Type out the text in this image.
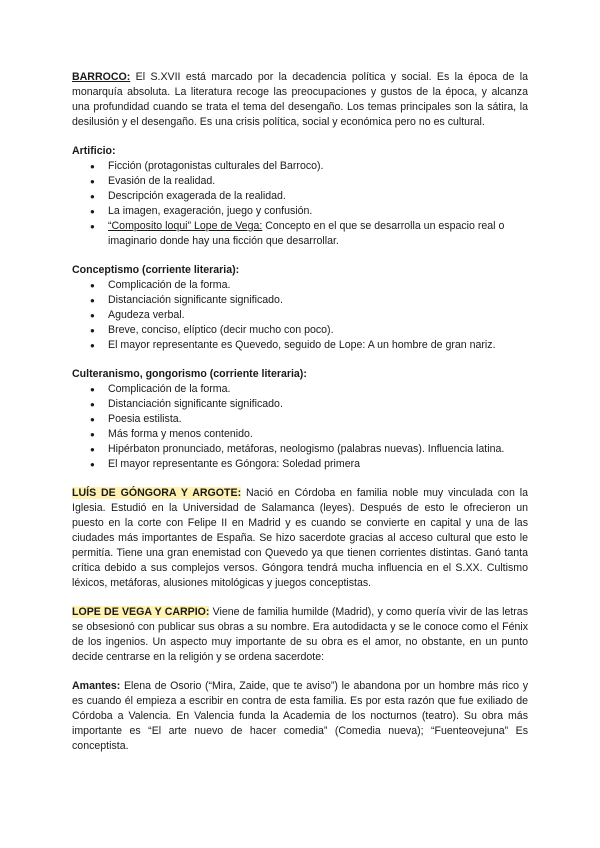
BARROCO: El S.XVII está marcado por la decadencia política y social. Es la época de la monarquía absoluta. La literatura recoge las preocupaciones y gustos de la época, y alcanza una profundidad cuando se trata el tema del desengaño. Los temas principales son la sátira, la desilusión y el desengaño. Es una crisis política, social y económica pero no es cultural.

Artificio:

● Ficción (protagonistas culturales del Barroco).
● Evasión de la realidad.
● Descripción exagerada de la realidad.
● La imagen, exageración, juego y confusión.
● “Composito loqui” Lope de Vega: Concepto en el que se desarrolla un espacio real o imaginario donde hay una ficción que desarrollar.

Conceptismo (corriente literaria):

● Complicación de la forma.
● Distanciación significante significado.
● Agudeza verbal.
● Breve, conciso, elíptico (decir mucho con poco).
● El mayor representante es Quevedo, seguido de Lope: A un hombre de gran nariz.

Culteranismo, gongorismo (corriente literaria):

● Complicación de la forma.
● Distanciación significante significado.
● Poesia estilista.
● Más forma y menos contenido.
● Hipérbaton pronunciado, metáforas, neologismo (palabras nuevas). Influencia latina.
● El mayor representante es Góngora: Soledad primera

LUÍS DE GÓNGORA Y ARGOTE: Nació en Córdoba en familia noble muy vinculada con la Iglesia. Estudió en la Universidad de Salamanca (leyes). Después de esto le ofrecieron un puesto en la corte con Felipe II en Madrid y es cuando se convierte en capital y una de las ciudades más importantes de España. Se hizo sacerdote gracias al acceso cultural que esto le permitía. Tiene una gran enemistad con Quevedo ya que tienen corrientes distintas. Ganó tanta crítica debido a sus complejos versos. Góngora tendrá mucha influencia en el S.XX. Cultismo léxicos, metáforas, alusiones mitológicas y juegos conceptistas.

LOPE DE VEGA Y CARPIO: Viene de familia humilde (Madrid), y como quería vivir de las letras se obsesionó con publicar sus obras a su nombre. Era autodidacta y se le conoce como el Fénix de los ingenios. Un aspecto muy importante de su obra es el amor, no obstante, en un punto decide centrarse en la religión y se ordena sacerdote:

Amantes: Elena de Osorio (“Mira, Zaide, que te aviso”) le abandona por un hombre más rico y es cuando él empieza a escribir en contra de esta familia. Es por esta razón que fue exiliado de Córdoba a Valencia. En Valencia funda la Academia de los nocturnos (teatro). Su obra más importante es “El arte nuevo de hacer comedia” (Comedia nueva); “Fuenteovejuna” Es conceptista.
